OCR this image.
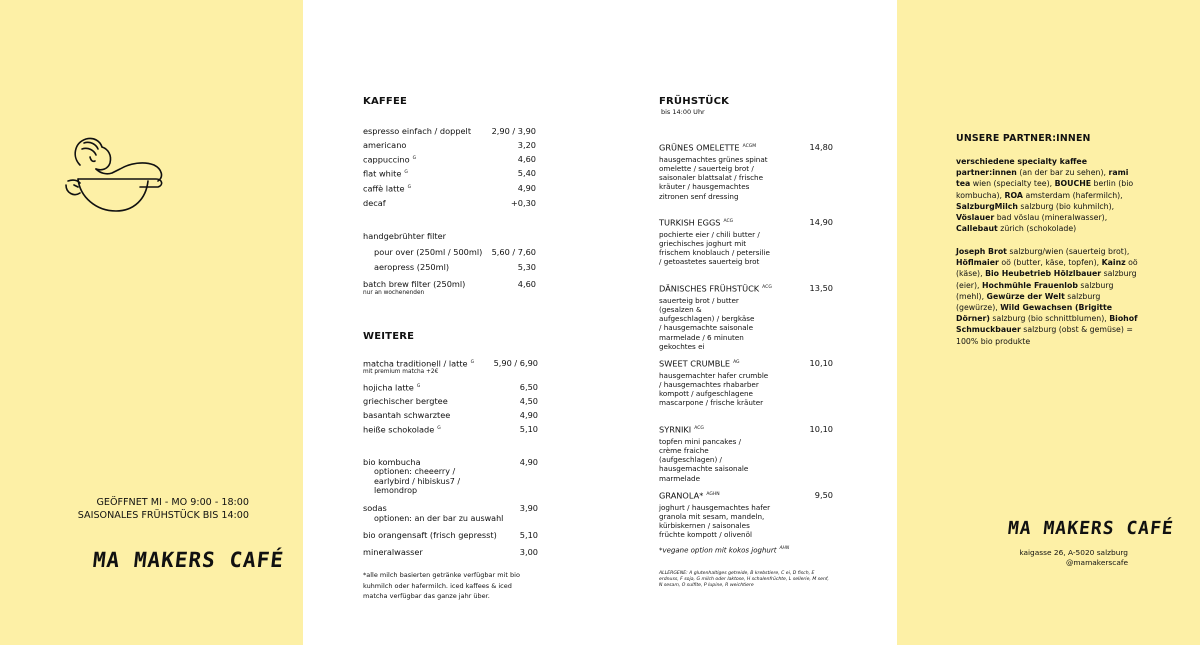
GEÖFFNET MI - MO 9:00 - 18:00
SAISONALES FRÜHSTÜCK BIS 14:00
MA MAKERS CAFÉ
KAFFEE
espresso einfach / doppelt	2,90 / 3,90
americano	3,20
cappuccino $^G$	4,60
flat white $^G$	5,40
caffè latte $^G$	4,90
decaf	+0,30
handgebrühter filter
pour over (250ml / 500ml) 5,60 / 7,60
aeropress (250ml)	5,30
batch brew filter (250ml)	4,60
nur an wochenenden
WEITERE
matcha traditionell / latte $^G$ 5,90 / 6,90
mit premium matcha +2€
hojicha latte $^G$	6,50
griechischer bergtee	4,50
basantah schwarztee	4,90
heiße schokolade $^G$	5,10
bio kombucha	4,90
optionen: cheeerry / earlybird / hibiskus7 / lemondrop
sodas	3,90
optionen: an der bar zu auswahl
bio orangensaft (frisch gepresst)	5,10
mineralwasser	3,00
*alle milch basierten getränke verfügbar mit bio kuhmilch oder hafermilch. iced kaffees & iced matcha verfügbar das ganze jahr über.
FRÜHSTÜCK
bis 14:00 Uhr
GRÜNES OMELETTE $^{ACGM}$	14,80
hausgemachtes grünes spinat omelette / sauerteig brot / saisonaler blattsalat / frische kräuter / hausgemachtes zitronen senf dressing
TURKISH EGGS $^{ACG}$	14,90
pochierte eier / chili butter / griechisches joghurt mit frischem knoblauch / petersilie / getoastetes sauerteig brot
DÄNISCHES FRÜHSTÜCK $^{ACG}$	13,50
sauerteig brot / butter (gesalzen & aufgeschlagen) / bergkäse / hausgemachte saisonale marmelade / 6 minuten gekochtes ei
SWEET CRUMBLE $^{AG}$	10,10
hausgemachter hafer crumble / hausgemachtes rhabarber kompott / aufgeschlagene mascarpone / frische kräuter
SYRNIKI $^{ACG}$	10,10
topfen mini pancakes / crème fraiche (aufgeschlagen) / hausgemachte saisonale marmelade
GRANOLA* $^{AGHN}$	9,50
joghurt / hausgemachtes hafer granola mit sesam, mandeln, kürbiskernen / saisonales früchte kompott / olivenöl
*vegane option mit kokos joghurt $^{AHN}$
ALLERGENE: A glutenhaltiges getreide, B krebstiere, C ei, D fisch, E erdnuss, F soja, G milch oder laktose, H schalenfrüchte, L sellerie, M senf, N sesam, O sulfite, P lupine, R weichtiere
UNSERE PARTNER:INNEN
verschiedene specialty kaffee partner:innen (an der bar zu sehen), rami tea wien (specialty tee), BOUCHE berlin (bio kombucha), ROA amsterdam (hafermilch), SalzburgMilch salzburg (bio kuhmilch), Vöslauer bad vöslau (mineralwasser), Callebaut zürich (schokolade)
Joseph Brot salzburg/wien (sauerteig brot), Höflmaier oö (butter, käse, topfen), Kainz oö (käse), Bio Heubetrieb Hölzlbauer salzburg (eier), Hochmühle Frauenlob salzburg (mehl), Gewürze der Welt salzburg (gewürze), Wild Gewachsen (Brigitte Dörner) salzburg (bio schnittblumen), Biohof Schmuckbauer salzburg (obst & gemüse) = 100% bio produkte
MA MAKERS CAFÉ
kaigasse 26, A-5020 salzburg
@mamakerscafe
